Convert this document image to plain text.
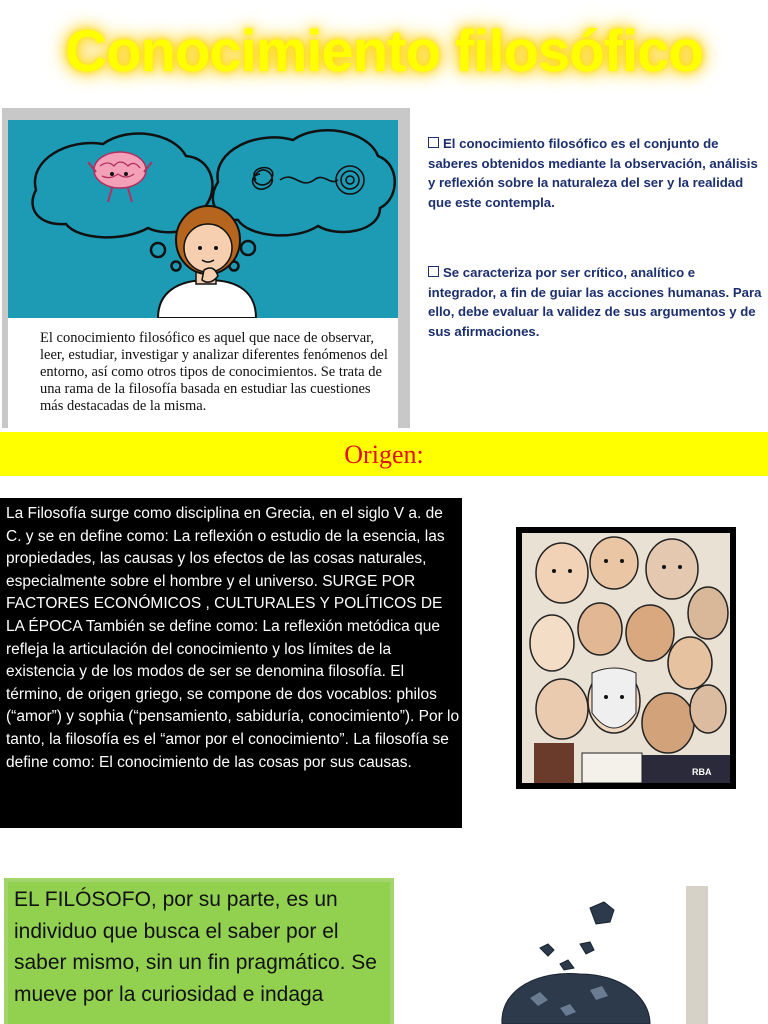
Conocimiento filosófico
El conocimiento filosófico es aquel que nace de observar, leer, estudiar, investigar y analizar diferentes fenómenos del entorno, así como otros tipos de conocimientos. Se trata de una rama de la filosofía basada en estudiar las cuestiones más destacadas de la misma.
El conocimiento filosófico es el conjunto de saberes obtenidos mediante la observación, análisis y reflexión sobre la naturaleza del ser y la realidad que este contempla.
Se caracteriza por ser crítico, analítico e integrador, a fin de guiar las acciones humanas. Para ello, debe evaluar la validez de sus argumentos y de sus afirmaciones.
Origen:
La Filosofía surge como disciplina en Grecia, en el siglo V a. de C. y se en define como: La reflexión o estudio de la esencia, las propiedades, las causas y los efectos de las cosas naturales, especialmente sobre el hombre y el universo. SURGE POR FACTORES ECONÓMICOS , CULTURALES Y POLÍTICOS DE LA ÉPOCA También se define como: La reflexión metódica que refleja la articulación del conocimiento y los límites de la existencia y de los modos de ser se denomina filosofía. El término, de origen griego, se compone de dos vocablos: philos (“amor”) y sophia (“pensamiento, sabiduría, conocimiento”). Por lo tanto, la filosofía es el “amor por el conocimiento”. La filosofía se define como: El conocimiento de las cosas por sus causas.
RBA
EL FILÓSOFO, por su parte, es un individuo que busca el saber por el saber mismo, sin un fin pragmático. Se mueve por la curiosidad e indaga
